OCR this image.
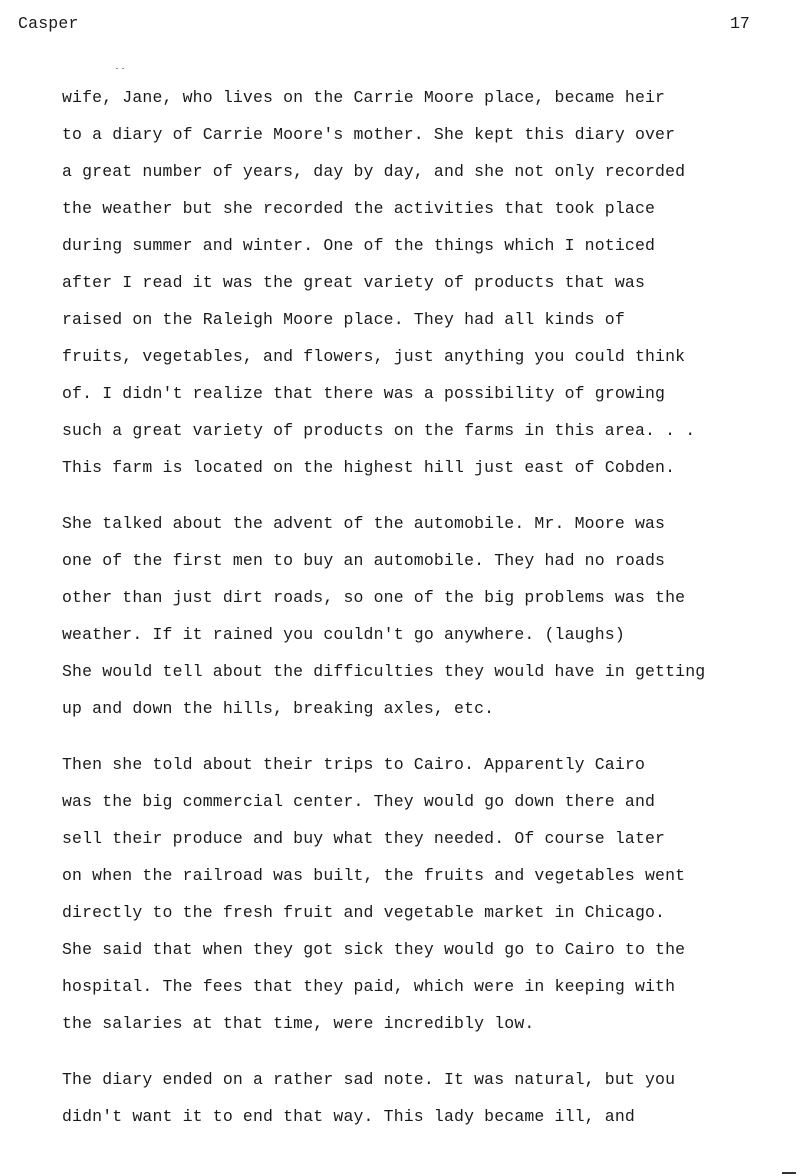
Casper	17
wife, Jane, who lives on the Carrie Moore place, became heir
to a diary of Carrie Moore's mother. She kept this diary over
a great number of years, day by day, and she not only recorded
the weather but she recorded the activities that took place
during summer and winter. One of the things which I noticed
after I read it was the great variety of products that was
raised on the Raleigh Moore place. They had all kinds of
fruits, vegetables, and flowers, just anything you could think
of. I didn't realize that there was a possibility of growing
such a great variety of products on the farms in this area. . .
This farm is located on the highest hill just east of Cobden.
She talked about the advent of the automobile. Mr. Moore was
one of the first men to buy an automobile. They had no roads
other than just dirt roads, so one of the big problems was the
weather. If it rained you couldn't go anywhere. (laughs)
She would tell about the difficulties they would have in getting
up and down the hills, breaking axles, etc.
Then she told about their trips to Cairo. Apparently Cairo
was the big commercial center. They would go down there and
sell their produce and buy what they needed. Of course later
on when the railroad was built, the fruits and vegetables went
directly to the fresh fruit and vegetable market in Chicago.
She said that when they got sick they would go to Cairo to the
hospital. The fees that they paid, which were in keeping with
the salaries at that time, were incredibly low.
The diary ended on a rather sad note. It was natural, but you
didn't want it to end that way. This lady became ill, and
